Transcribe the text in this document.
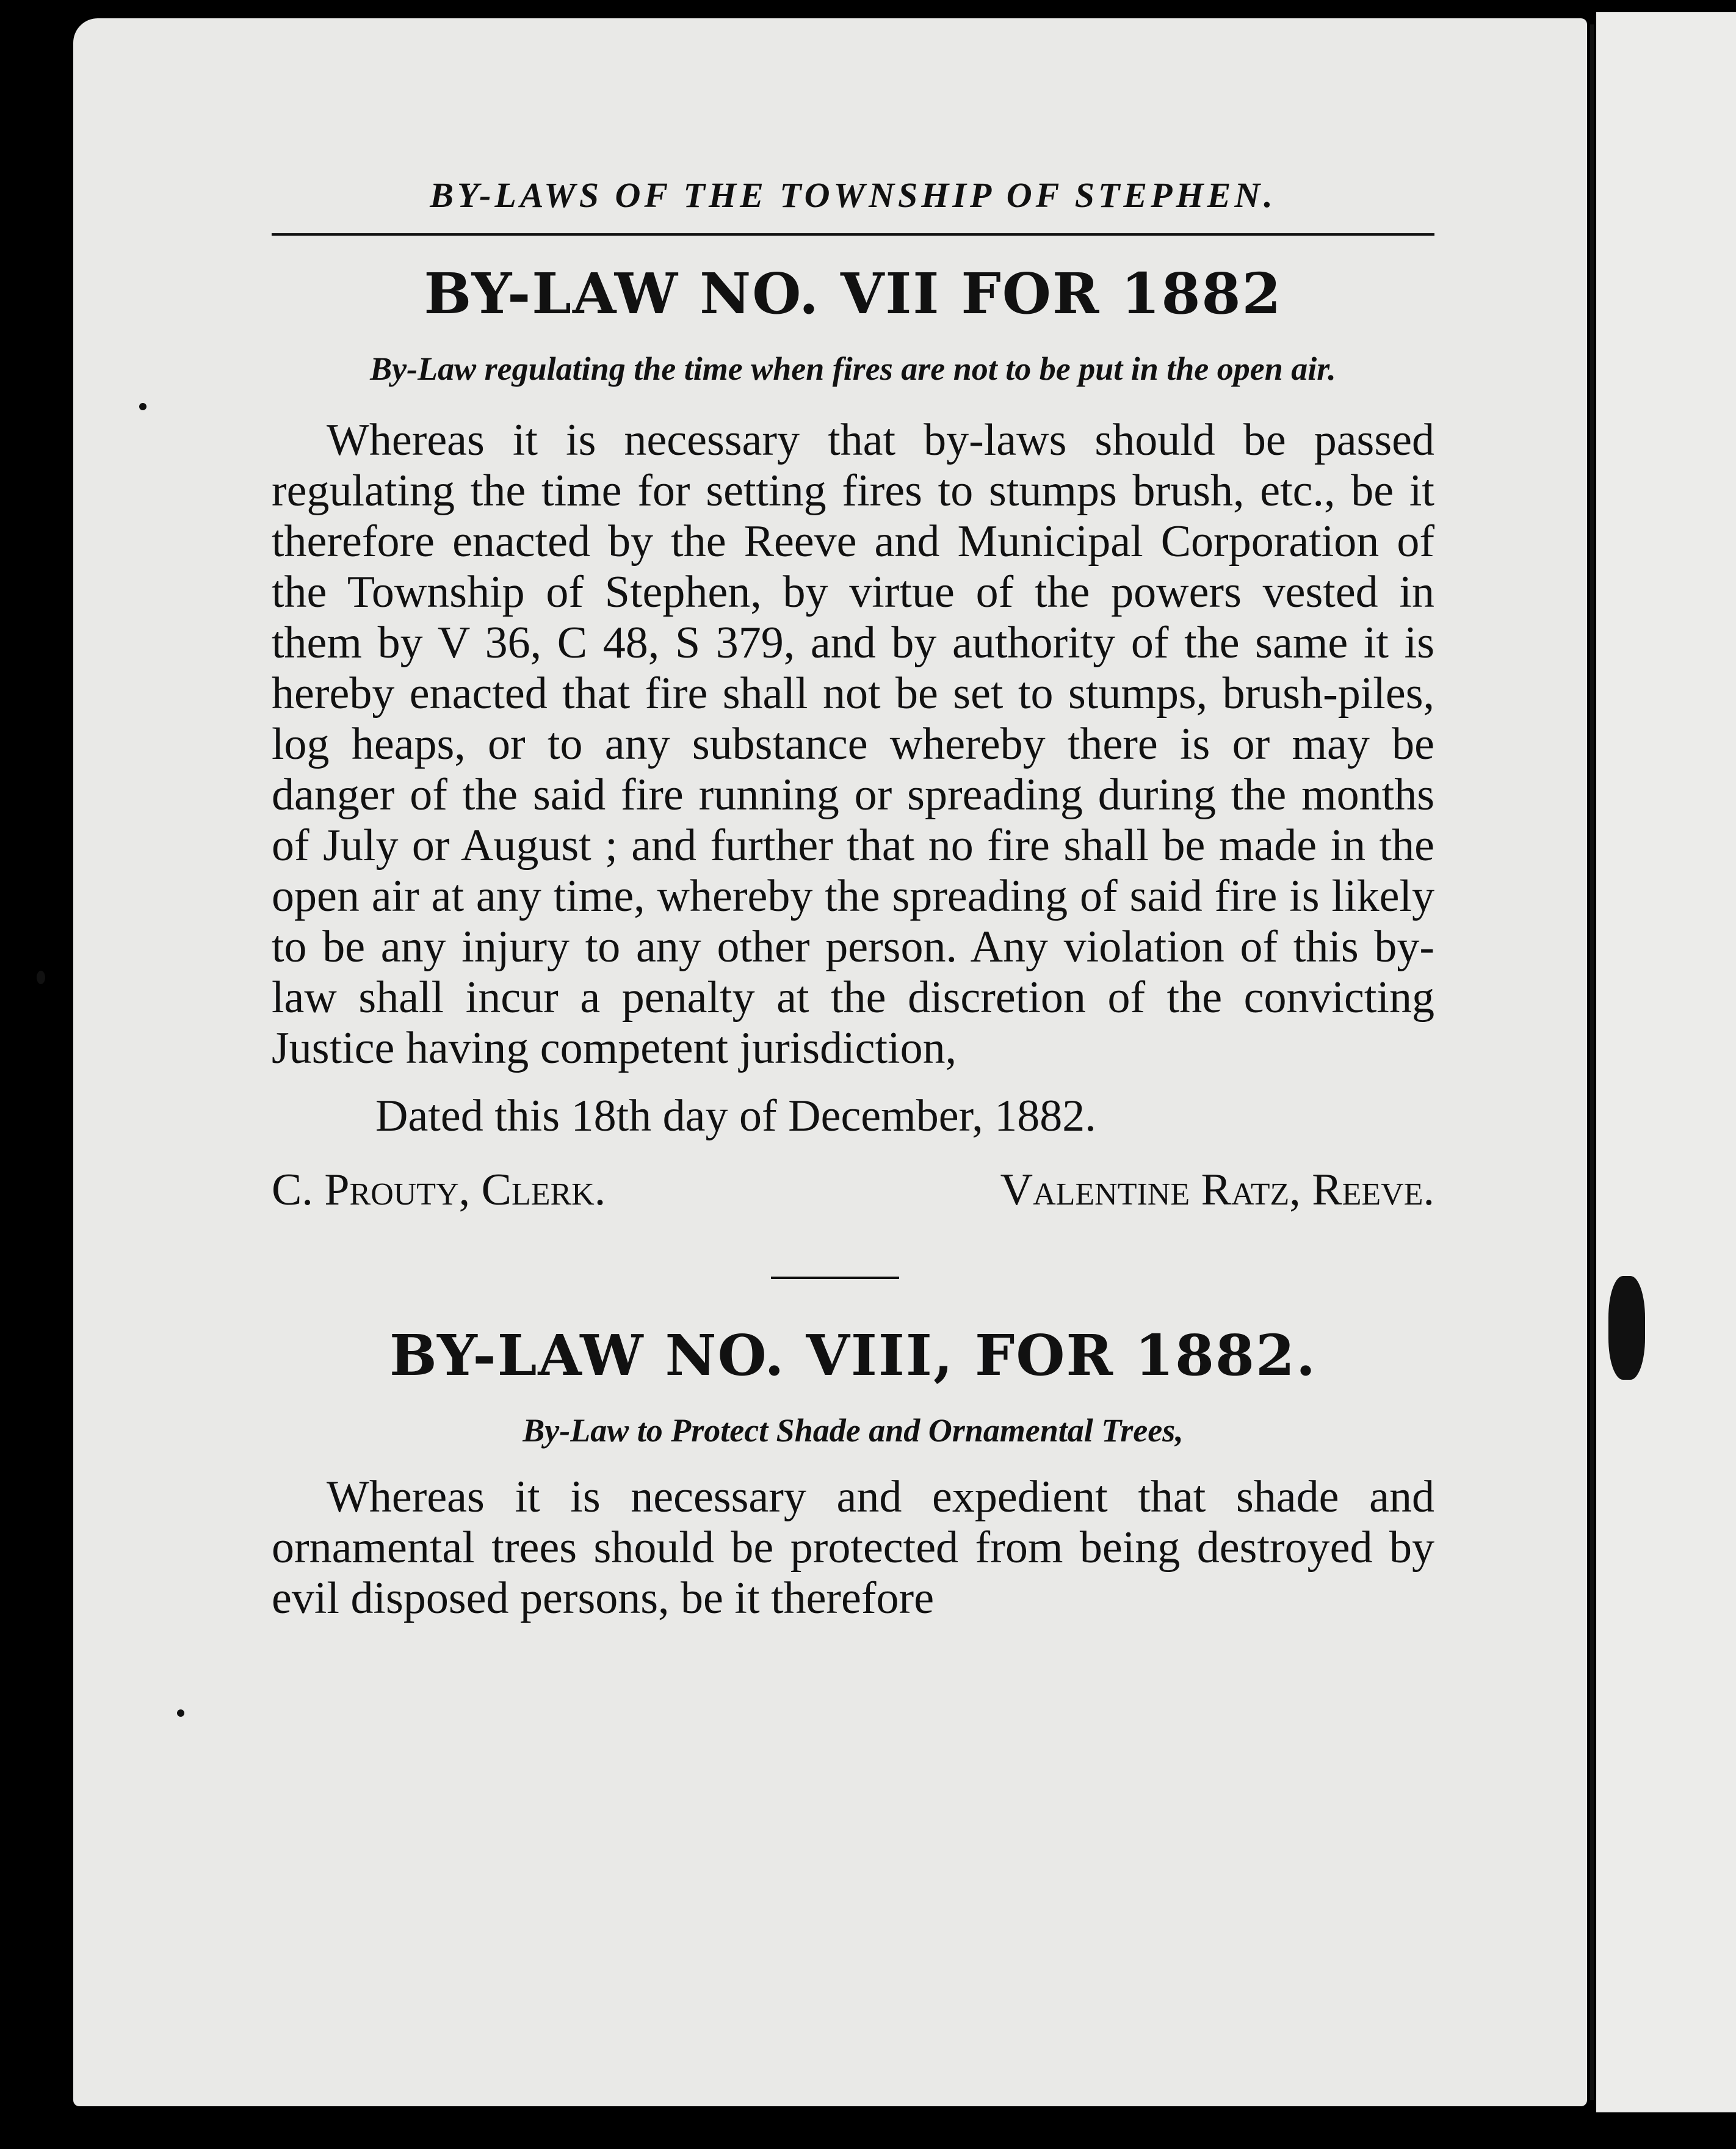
BY-LAWS OF THE TOWNSHIP OF STEPHEN.
BY-LAW NO. VII FOR 1882
By-Law regulating the time when fires are not to be put in the open air.

Whereas it is necessary that by-laws should be passed regulating the time for setting fires to stumps brush, etc., be it therefore enacted by the Reeve and Municipal Corporation of the Township of Stephen, by virtue of the powers vested in them by V 36, C 48, S 379, and by authority of the same it is hereby enacted that fire shall not be set to stumps, brush-piles, log heaps, or to any substance whereby there is or may be danger of the said fire running or spreading during the months of July or August ; and further that no fire shall be made in the open air at any time, whereby the spreading of said fire is likely to be any injury to any other person. Any violation of this by-law shall incur a penalty at the discretion of the convicting Justice having competent jurisdiction,

Dated this 18th day of December, 1882.
C. Prouty, Clerk.	Valentine Ratz, Reeve.
BY-LAW NO. VIII, FOR 1882.
By-Law to Protect Shade and Ornamental Trees,

Whereas it is necessary and expedient that shade and ornamental trees should be protected from being destroyed by evil disposed persons, be it therefore
